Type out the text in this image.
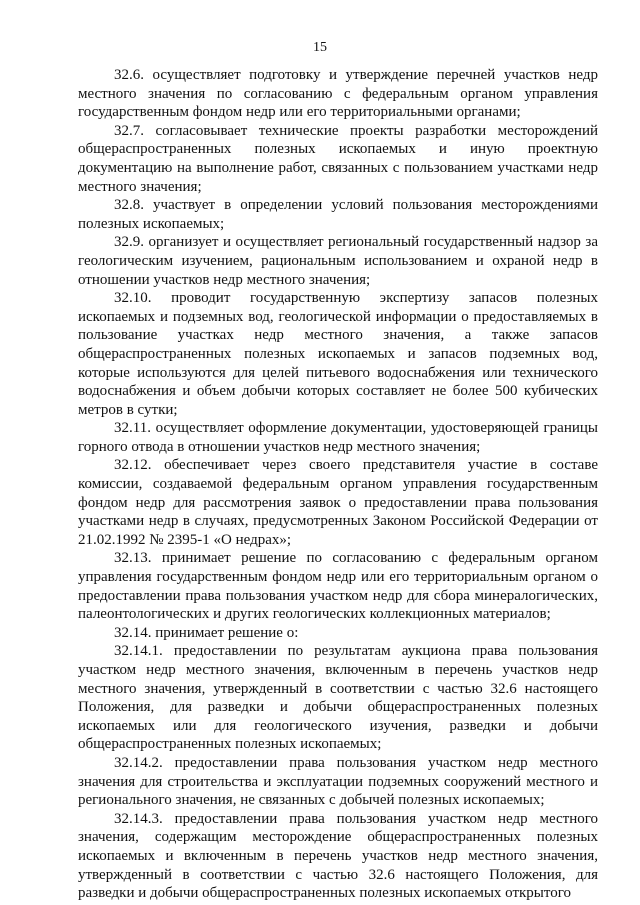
15

32.6. осуществляет подготовку и утверждение перечней участков недр местного значения по согласованию с федеральным органом управления государственным фондом недр или его территориальными органами;

32.7. согласовывает технические проекты разработки месторождений общераспространенных полезных ископаемых и иную проектную документацию на выполнение работ, связанных с пользованием участками недр местного значения;

32.8. участвует в определении условий пользования месторождениями полезных ископаемых;

32.9. организует и осуществляет региональный государственный надзор за геологическим изучением, рациональным использованием и охраной недр в отношении участков недр местного значения;

32.10. проводит государственную экспертизу запасов полезных ископаемых и подземных вод, геологической информации о предоставляемых в пользование участках недр местного значения, а также запасов общераспространенных полезных ископаемых и запасов подземных вод, которые используются для целей питьевого водоснабжения или технического водоснабжения и объем добычи которых составляет не более 500 кубических метров в сутки;

32.11. осуществляет оформление документации, удостоверяющей границы горного отвода в отношении участков недр местного значения;

32.12. обеспечивает через своего представителя участие в составе комиссии, создаваемой федеральным органом управления государственным фондом недр для рассмотрения заявок о предоставлении права пользования участками недр в случаях, предусмотренных Законом Российской Федерации от 21.02.1992 № 2395-1 «О недрах»;

32.13. принимает решение по согласованию с федеральным органом управления государственным фондом недр или его территориальным органом о предоставлении права пользования участком недр для сбора минералогических, палеонтологических и других геологических коллекционных материалов;

32.14. принимает решение о:

32.14.1. предоставлении по результатам аукциона права пользования участком недр местного значения, включенным в перечень участков недр местного значения, утвержденный в соответствии с частью 32.6 настоящего Положения, для разведки и добычи общераспространенных полезных ископаемых или для геологического изучения, разведки и добычи общераспространенных полезных ископаемых;

32.14.2. предоставлении права пользования участком недр местного значения для строительства и эксплуатации подземных сооружений местного и регионального значения, не связанных с добычей полезных ископаемых;

32.14.3. предоставлении права пользования участком недр местного значения, содержащим месторождение общераспространенных полезных ископаемых и включенным в перечень участков недр местного значения, утвержденный в соответствии с частью 32.6 настоящего Положения, для разведки и добычи общераспространенных полезных ископаемых открытого
